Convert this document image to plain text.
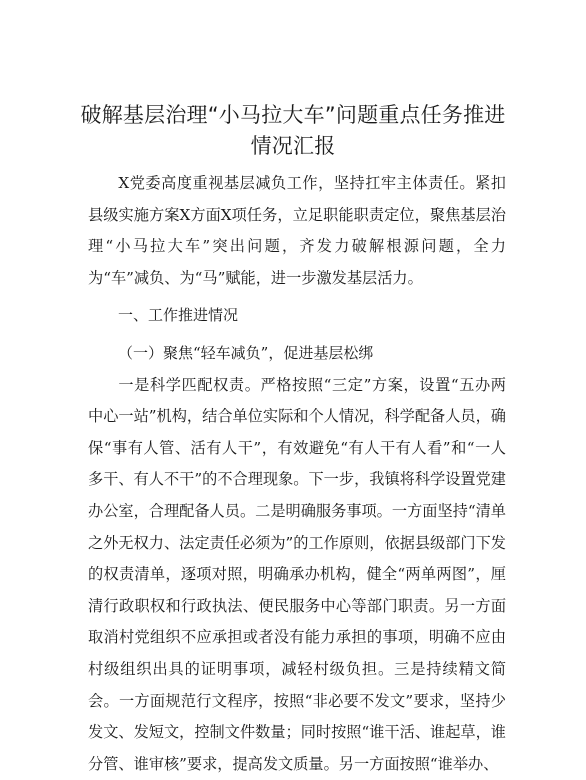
破解基层治理“小马拉大车”问题重点任务推进情况汇报

X党委高度重视基层减负工作，坚持扛牢主体责任。紧扣县级实施方案X方面X项任务，立足职能职责定位，聚焦基层治理“小马拉大车”突出问题，齐发力破解根源问题，全力为“车”减负、为“马”赋能，进一步激发基层活力。

一、工作推进情况

（一）聚焦“轻车减负”，促进基层松绑

一是科学匹配权责。严格按照“三定”方案，设置“五办两中心一站”机构，结合单位实际和个人情况，科学配备人员，确保“事有人管、活有人干”，有效避免“有人干有人看”和“一人多干、有人不干”的不合理现象。下一步，我镇将科学设置党建办公室，合理配备人员。二是明确服务事项。一方面坚持“清单之外无权力、法定责任必须为”的工作原则，依据县级部门下发的权责清单，逐项对照，明确承办机构，健全“两单两图”，厘清行政职权和行政执法、便民服务中心等部门职责。另一方面取消村党组织不应承担或者没有能力承担的事项，明确不应由村级组织出具的证明事项，减轻村级负担。三是持续精文简会。一方面规范行文程序，按照“非必要不发文”要求，坚持少发文、发短文，控制文件数量；同时按照“谁干活、谁起草，谁分管、谁审核”要求，提高发文质量。另一方面按照“谁举办、
